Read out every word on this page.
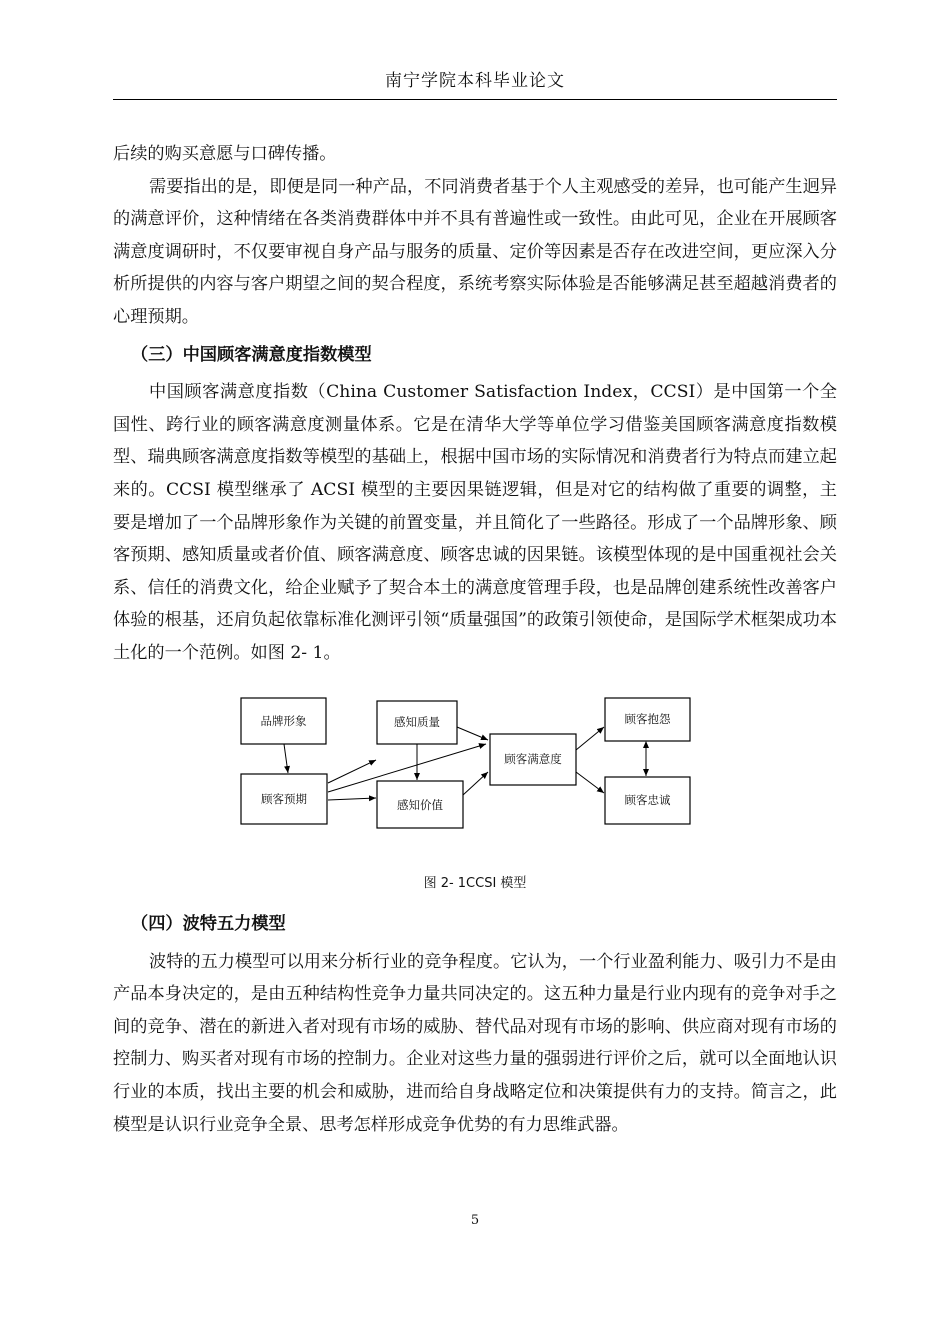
南宁学院本科毕业论文

后续的购买意愿与口碑传播。

需要指出的是，即便是同一种产品，不同消费者基于个人主观感受的差异，也可能产生迥异的满意评价，这种情绪在各类消费群体中并不具有普遍性或一致性。由此可见，企业在开展顾客满意度调研时，不仅要审视自身产品与服务的质量、定价等因素是否存在改进空间，更应深入分析所提供的内容与客户期望之间的契合程度，系统考察实际体验是否能够满足甚至超越消费者的心理预期。

（三）中国顾客满意度指数模型

中国顾客满意度指数（China Customer Satisfaction Index，CCSI）是中国第一个全国性、跨行业的顾客满意度测量体系。它是在清华大学等单位学习借鉴美国顾客满意度指数模型、瑞典顾客满意度指数等模型的基础上，根据中国市场的实际情况和消费者行为特点而建立起来的。CCSI 模型继承了 ACSI 模型的主要因果链逻辑，但是对它的结构做了重要的调整，主要是增加了一个品牌形象作为关键的前置变量，并且简化了一些路径。形成了一个品牌形象、顾客预期、感知质量或者价值、顾客满意度、顾客忠诚的因果链。该模型体现的是中国重视社会关系、信任的消费文化，给企业赋予了契合本土的满意度管理手段，也是品牌创建系统性改善客户体验的根基，还肩负起依靠标准化测评引领“质量强国”的政策引领使命，是国际学术框架成功本土化的一个范例。如图 2- 1。

品牌形象
顾客预期
感知质量
感知价值
顾客满意度
顾客抱怨
顾客忠诚
图 2- 1CCSI 模型
（四）波特五力模型

波特的五力模型可以用来分析行业的竞争程度。它认为，一个行业盈利能力、吸引力不是由产品本身决定的，是由五种结构性竞争力量共同决定的。这五种力量是行业内现有的竞争对手之间的竞争、潜在的新进入者对现有市场的威胁、替代品对现有市场的影响、供应商对现有市场的控制力、购买者对现有市场的控制力。企业对这些力量的强弱进行评价之后，就可以全面地认识行业的本质，找出主要的机会和威胁，进而给自身战略定位和决策提供有力的支持。简言之，此模型是认识行业竞争全景、思考怎样形成竞争优势的有力思维武器。

5
